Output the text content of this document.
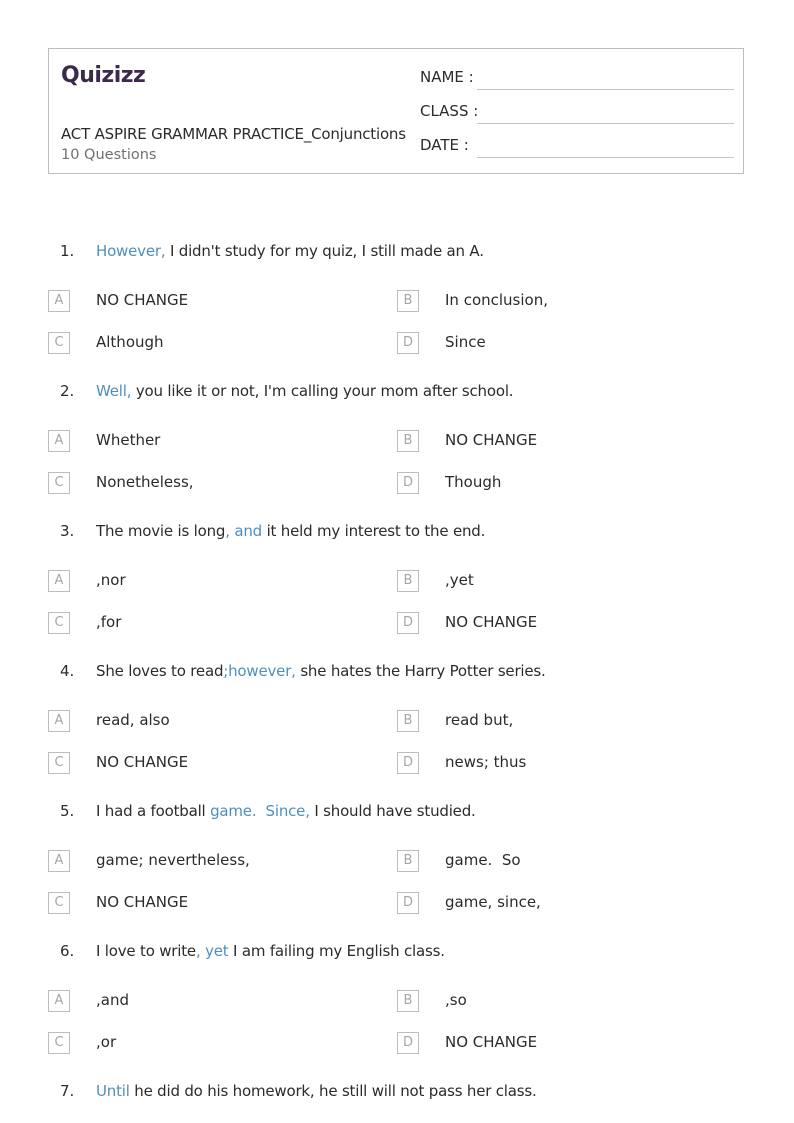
Quizizz
ACT ASPIRE GRAMMAR PRACTICE_Conjunctions
10 Questions
NAME :
CLASS :
DATE :
1. However, I didn't study for my quiz, I still made an A.
A	NO CHANGE	B	In conclusion,
C	Although	D	Since
2. Well, you like it or not, I'm calling your mom after school.
A	Whether	B	NO CHANGE
C	Nonetheless,	D	Though
3. The movie is long, and it held my interest to the end.
A	,nor	B	,yet
C	,for	D	NO CHANGE
4. She loves to read;however, she hates the Harry Potter series.
A	read, also	B	read but,
C	NO CHANGE	D	news; thus
5. I had a football game.  Since, I should have studied.
A	game; nevertheless,	B	game.  So
C	NO CHANGE	D	game, since,
6. I love to write, yet I am failing my English class.
A	,and	B	,so
C	,or	D	NO CHANGE
7. Until he did do his homework, he still will not pass her class.
